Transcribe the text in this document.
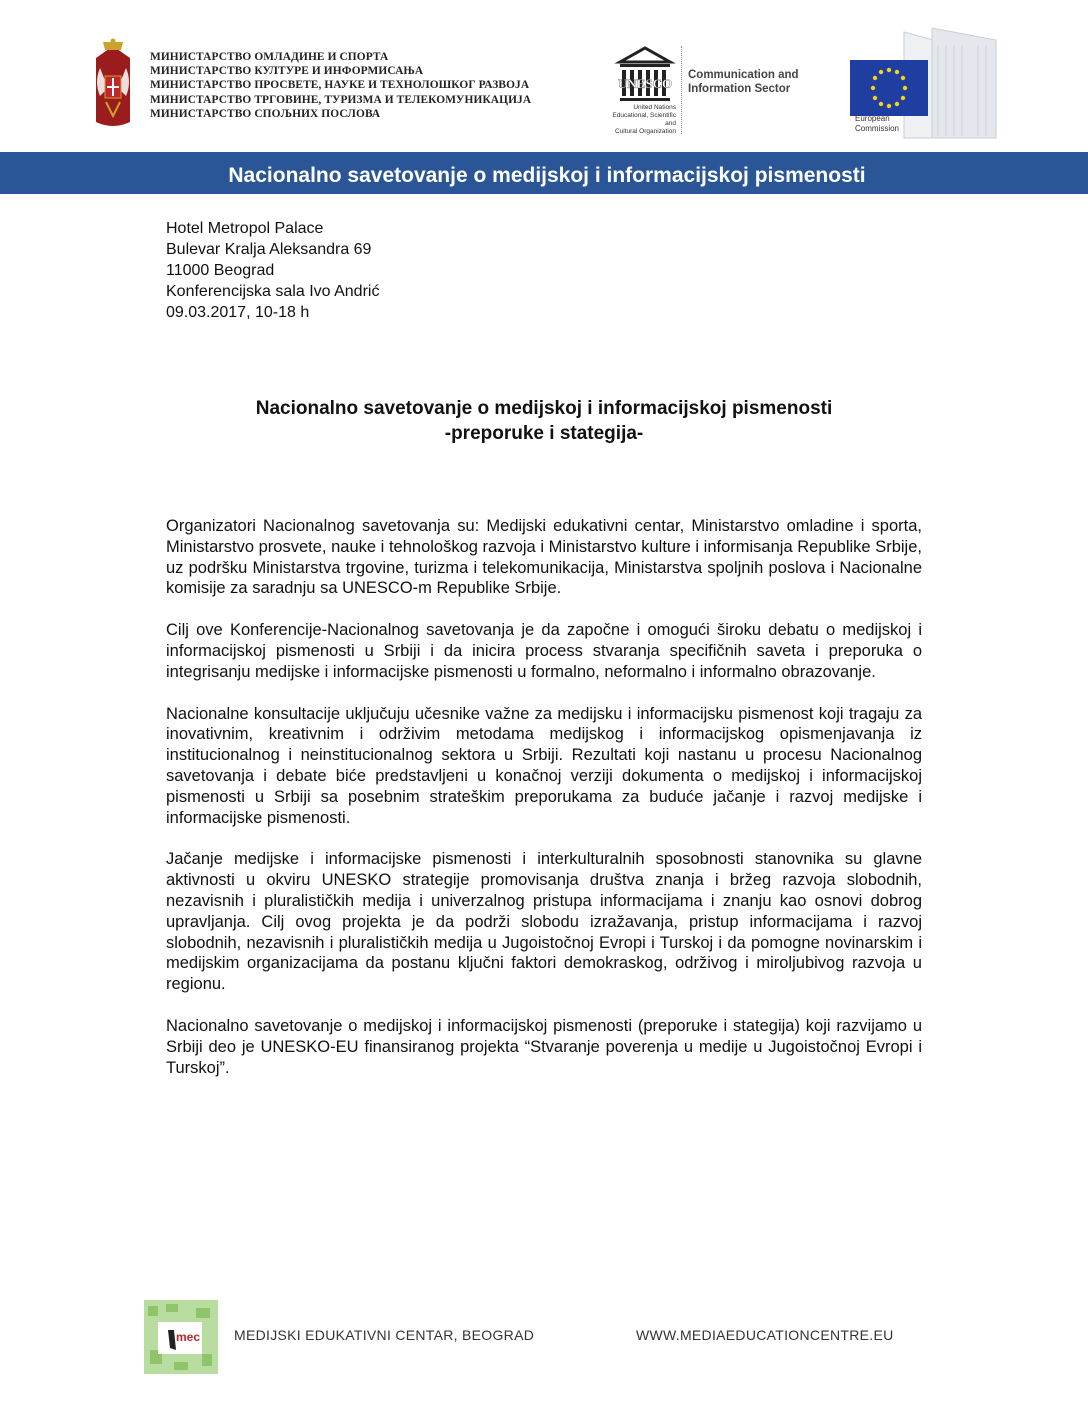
МИНИСТАРСТВО ОМЛАДИНЕ И СПОРТА
МИНИСТАРСТВО КУЛТУРЕ И ИНФОРМИСАЊА
МИНИСТАРСТВО ПРОСВЕТЕ, НАУКЕ И ТЕХНОЛОШКОГ РАЗВОЈА
МИНИСТАРСТВО ТРГОВИНЕ, ТУРИЗМА И ТЕЛЕКОМУНИКАЦИЈА
МИНИСТАРСТВО СПОЉНИХ ПОСЛОВА
UNESCO
United Nations
Educational, Scientific and
Cultural Organization
Communication and
Information Sector
European
Commission
Nacionalno savetovanje o medijskoj i informacijskoj pismenosti
Hotel Metropol Palace
Bulevar Kralja Aleksandra 69
11000 Beograd
Konferencijska sala Ivo Andrić
09.03.2017, 10-18 h
Nacionalno savetovanje o medijskoj i informacijskoj pismenosti
-preporuke i stategija-

Organizatori Nacionalnog savetovanja su: Medijski edukativni centar, Ministarstvo omladine i sporta, Ministarstvo prosvete, nauke i tehnološkog razvoja i Ministarstvo kulture i informisanja Republike Srbije, uz podršku Ministarstva trgovine, turizma i telekomunikacija, Ministarstva spoljnih poslova i Nacionalne komisije za saradnju sa UNESCO-m Republike Srbije.

Cilj ove Konferencije-Nacionalnog savetovanja je da započne i omogući široku debatu o medijskoj i informacijskoj pismenosti u Srbiji i da inicira process stvaranja specifičnih saveta i preporuka o integrisanju medijske i informacijske pismenosti u formalno, neformalno i informalno obrazovanje.

Nacionalne konsultacije uključuju učesnike važne za medijsku i informacijsku pismenost koji tragaju za inovativnim, kreativnim i održivim metodama medijskog i informacijskog opismenjavanja iz institucionalnog i neinstitucionalnog sektora u Srbiji. Rezultati koji nastanu u procesu Nacionalnog savetovanja i debate biće predstavljeni u konačnoj verziji dokumenta o medijskoj i informacijskoj pismenosti u Srbiji sa posebnim strateškim preporukama za buduće jačanje i razvoj medijske i informacijske pismenosti.

Jačanje medijske i informacijske pismenosti i interkulturalnih sposobnosti stanovnika su glavne aktivnosti u okviru UNESKO strategije promovisanja društva znanja i bržeg razvoja slobodnih, nezavisnih i pluralističkih medija i univerzalnog pristupa informacijama i znanju kao osnovi dobrog upravljanja. Cilj ovog projekta je da podrži slobodu izražavanja, pristup informacijama i razvoj slobodnih, nezavisnih i pluralističkih medija u Jugoistočnoj Evropi i Turskoj i da pomogne novinarskim i medijskim organizacijama da postanu ključni faktori demokraskog, održivog i miroljubivog razvoja u regionu.

Nacionalno savetovanje o medijskoj i informacijskoj pismenosti (preporuke i stategija) koji razvijamo u Srbiji deo je UNESKO-EU finansiranog projekta “Stvaranje poverenja u medije u Jugoistočnoj Evropi i Turskoj”.

mec MEDIJSKI EDUKATIVNI CENTAR, BEOGRAD	WWW.MEDIAEDUCATIONCENTRE.EU
